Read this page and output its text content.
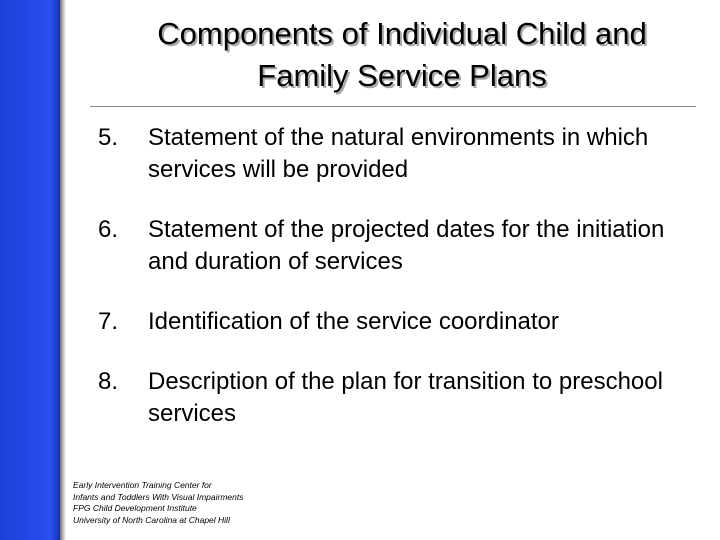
Components of Individual Child and
Family Service Plans
5. Statement of the natural environments in which services will be provided
6. Statement of the projected dates for the initiation and duration of services
7. Identification of the service coordinator
8. Description of the plan for transition to preschool services
Early Intervention Training Center for
Infants and Toddlers With Visual Impairments
FPG Child Development Institute
University of North Carolina at Chapel Hill
